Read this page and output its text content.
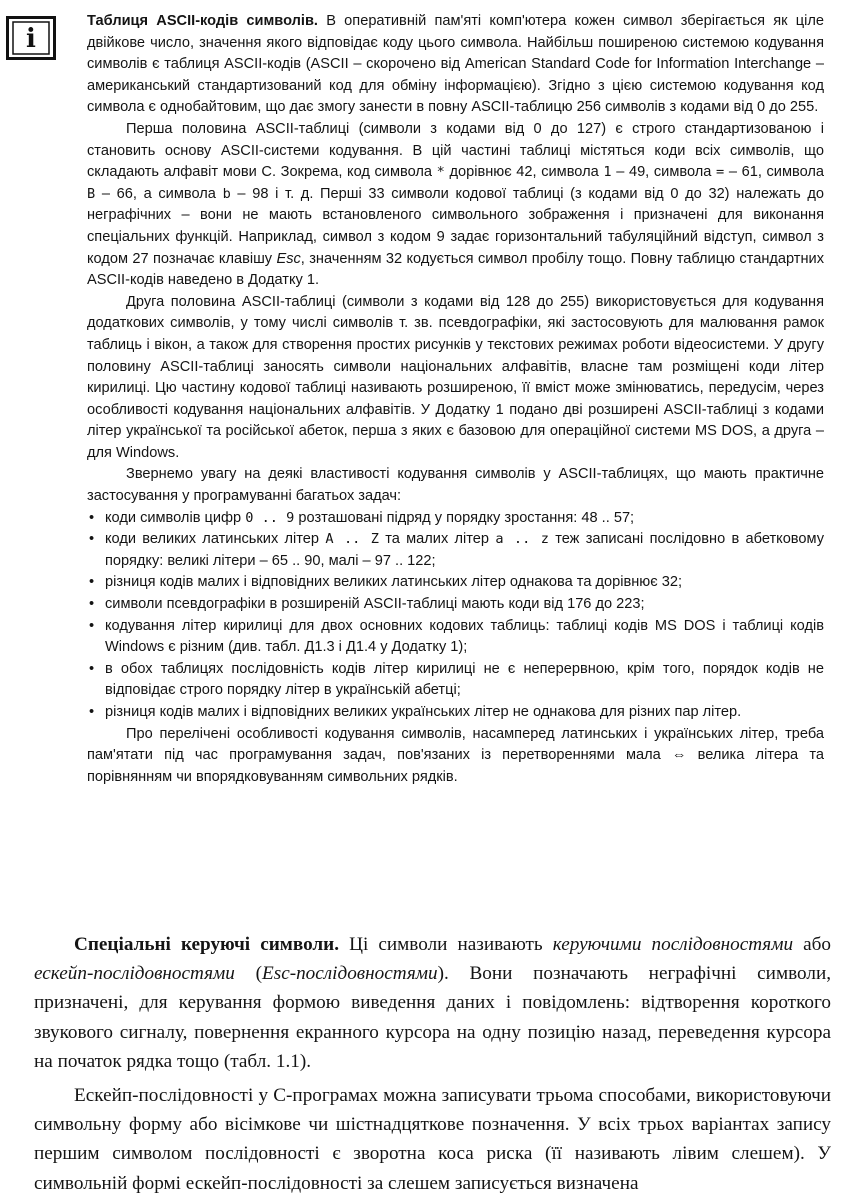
i

Таблиця ASCII-кодів символів. В оперативній пам'яті комп'ютера кожен символ зберігається як ціле двійкове число, значення якого відповідає коду цього символа. Найбільш поширеною системою кодування символів є таблиця ASCII-кодів (ASCII – скорочено від American Standard Code for Information Interchange – американський стандартизований код для обміну інформацією). Згідно з цією системою кодування код символа є однобайтовим, що дає змогу занести в повну ASCII-таблицю 256 символів з кодами від 0 до 255.

Перша половина ASCII-таблиці (символи з кодами від 0 до 127) є строго стандартизованою і становить основу ASCII-системи кодування. В цій частині таблиці містяться коди всіх символів, що складають алфавіт мови С. Зокрема, код символа * дорівнює 42, символа 1 – 49, символа = – 61, символа B – 66, а символа b – 98 і т. д. Перші 33 символи кодової таблиці (з кодами від 0 до 32) належать до неграфічних – вони не мають встановленого символьного зображення і призначені для виконання спеціальних функцій. Наприклад, символ з кодом 9 задає горизонтальний табуляційний відступ, символ з кодом 27 позначає клавішу Esc, значенням 32 кодується символ пробілу тощо. Повну таблицю стандартних ASCII-кодів наведено в Додатку 1.

Друга половина ASCII-таблиці (символи з кодами від 128 до 255) використовується для кодування додаткових символів, у тому числі символів т. зв. псевдографіки, які застосовують для малювання рамок таблиць і вікон, а також для створення простих рисунків у текстових режимах роботи відеосистеми. У другу половину ASCII-таблиці заносять символи національних алфавітів, власне там розміщені коди літер кирилиці. Цю частину кодової таблиці називають розширеною, її вміст може змінюватись, передусім, через особливості кодування національних алфавітів. У Додатку 1 подано дві розширені ASCII-таблиці з кодами літер української та російської абеток, перша з яких є базовою для операційної системи MS DOS, а друга – для Windows.

Звернемо увагу на деякі властивості кодування символів у ASCII-таблицях, що мають практичне застосування у програмуванні багатьох задач:

• коди символів цифр 0 .. 9 розташовані підряд у порядку зростання: 48 .. 57;
• коди великих латинських літер A .. Z та малих літер a .. z теж записані послідовно в абетковому порядку: великі літери – 65 .. 90, малі – 97 .. 122;
• різниця кодів малих і відповідних великих латинських літер однакова та дорівнює 32;
• символи псевдографіки в розширеній ASCII-таблиці мають коди від 176 до 223;
• кодування літер кирилиці для двох основних кодових таблиць: таблиці кодів MS DOS і таблиці кодів Windows є різним (див. табл. Д1.3 і Д1.4 у Додатку 1);
• в обох таблицях послідовність кодів літер кирилиці не є неперервною, крім того, порядок кодів не відповідає строго порядку літер в українській абетці;
• різниця кодів малих і відповідних великих українських літер не однакова для різних пар літер.

Про перелічені особливості кодування символів, насамперед латинських і українських літер, треба пам'ятати під час програмування задач, пов'язаних із перетвореннями мала ⇔ велика літера та порівнянням чи впорядковуванням символьних рядків.

Спеціальні керуючі символи. Ці символи називають керуючими послідовностями або ескейп-послідовностями (Esc-послідовностями). Вони позначають неграфічні символи, призначені, для керування формою виведення даних і повідомлень: відтворення короткого звукового сигналу, повернення екранного курсора на одну позицію назад, переведення курсора на початок рядка тощо (табл. 1.1).

Ескейп-послідовності у С-програмах можна записувати трьома способами, використовуючи символьну форму або вісімкове чи шістнадцяткове позначення. У всіх трьох варіантах запису першим символом послідовності є зворотна коса риска (її називають лівим слешем). У символьній формі ескейп-послідовності за слешем записується визначена
